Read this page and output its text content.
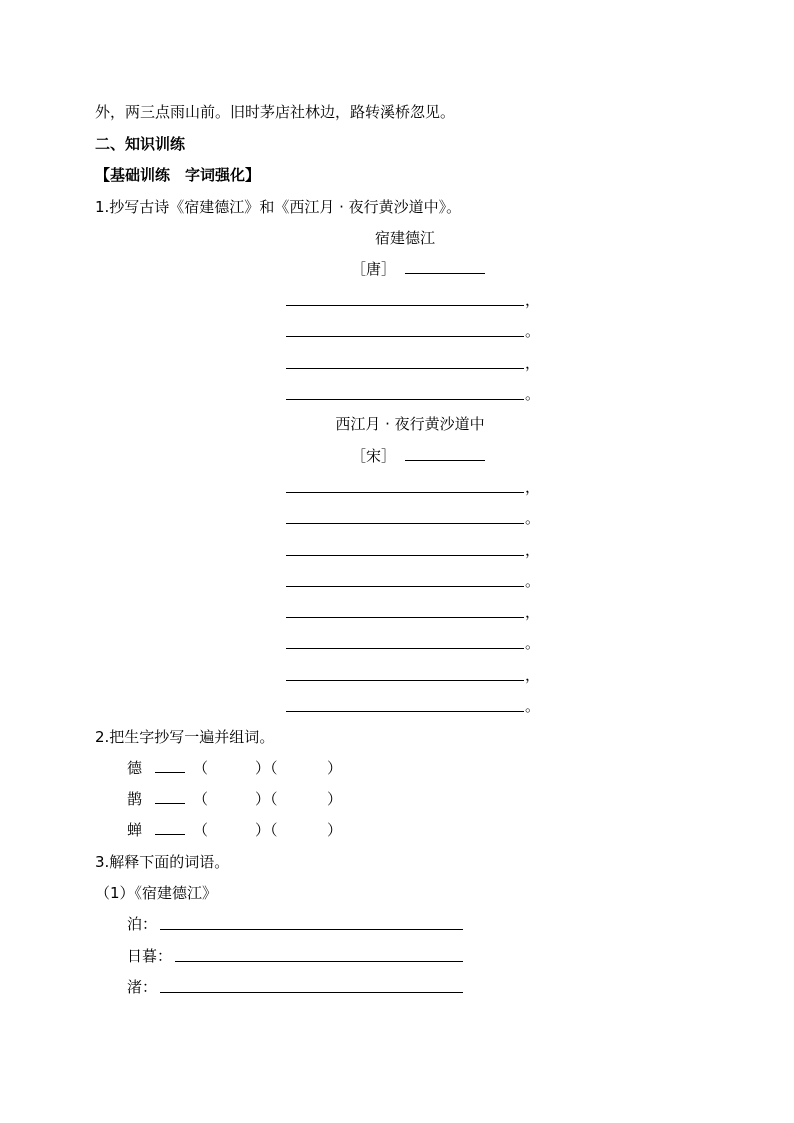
外，两三点雨山前。旧时茅店社林边，路转溪桥忽见。
二、知识训练
【基础训练　字词强化】
1.抄写古诗《宿建德江》和《西江月 · 夜行黄沙道中》。
宿建德江
［唐］
，
。
，
。
西江月 · 夜行黄沙道中
［宋］
，
。
，
。
，
。
，
。
2.把生字抄写一遍并组词。
德	（	）（	）
鹊	（	）（	）
蝉	（	）（	）
3.解释下面的词语。
（1）《宿建德江》
泊：
日暮：
渚：
